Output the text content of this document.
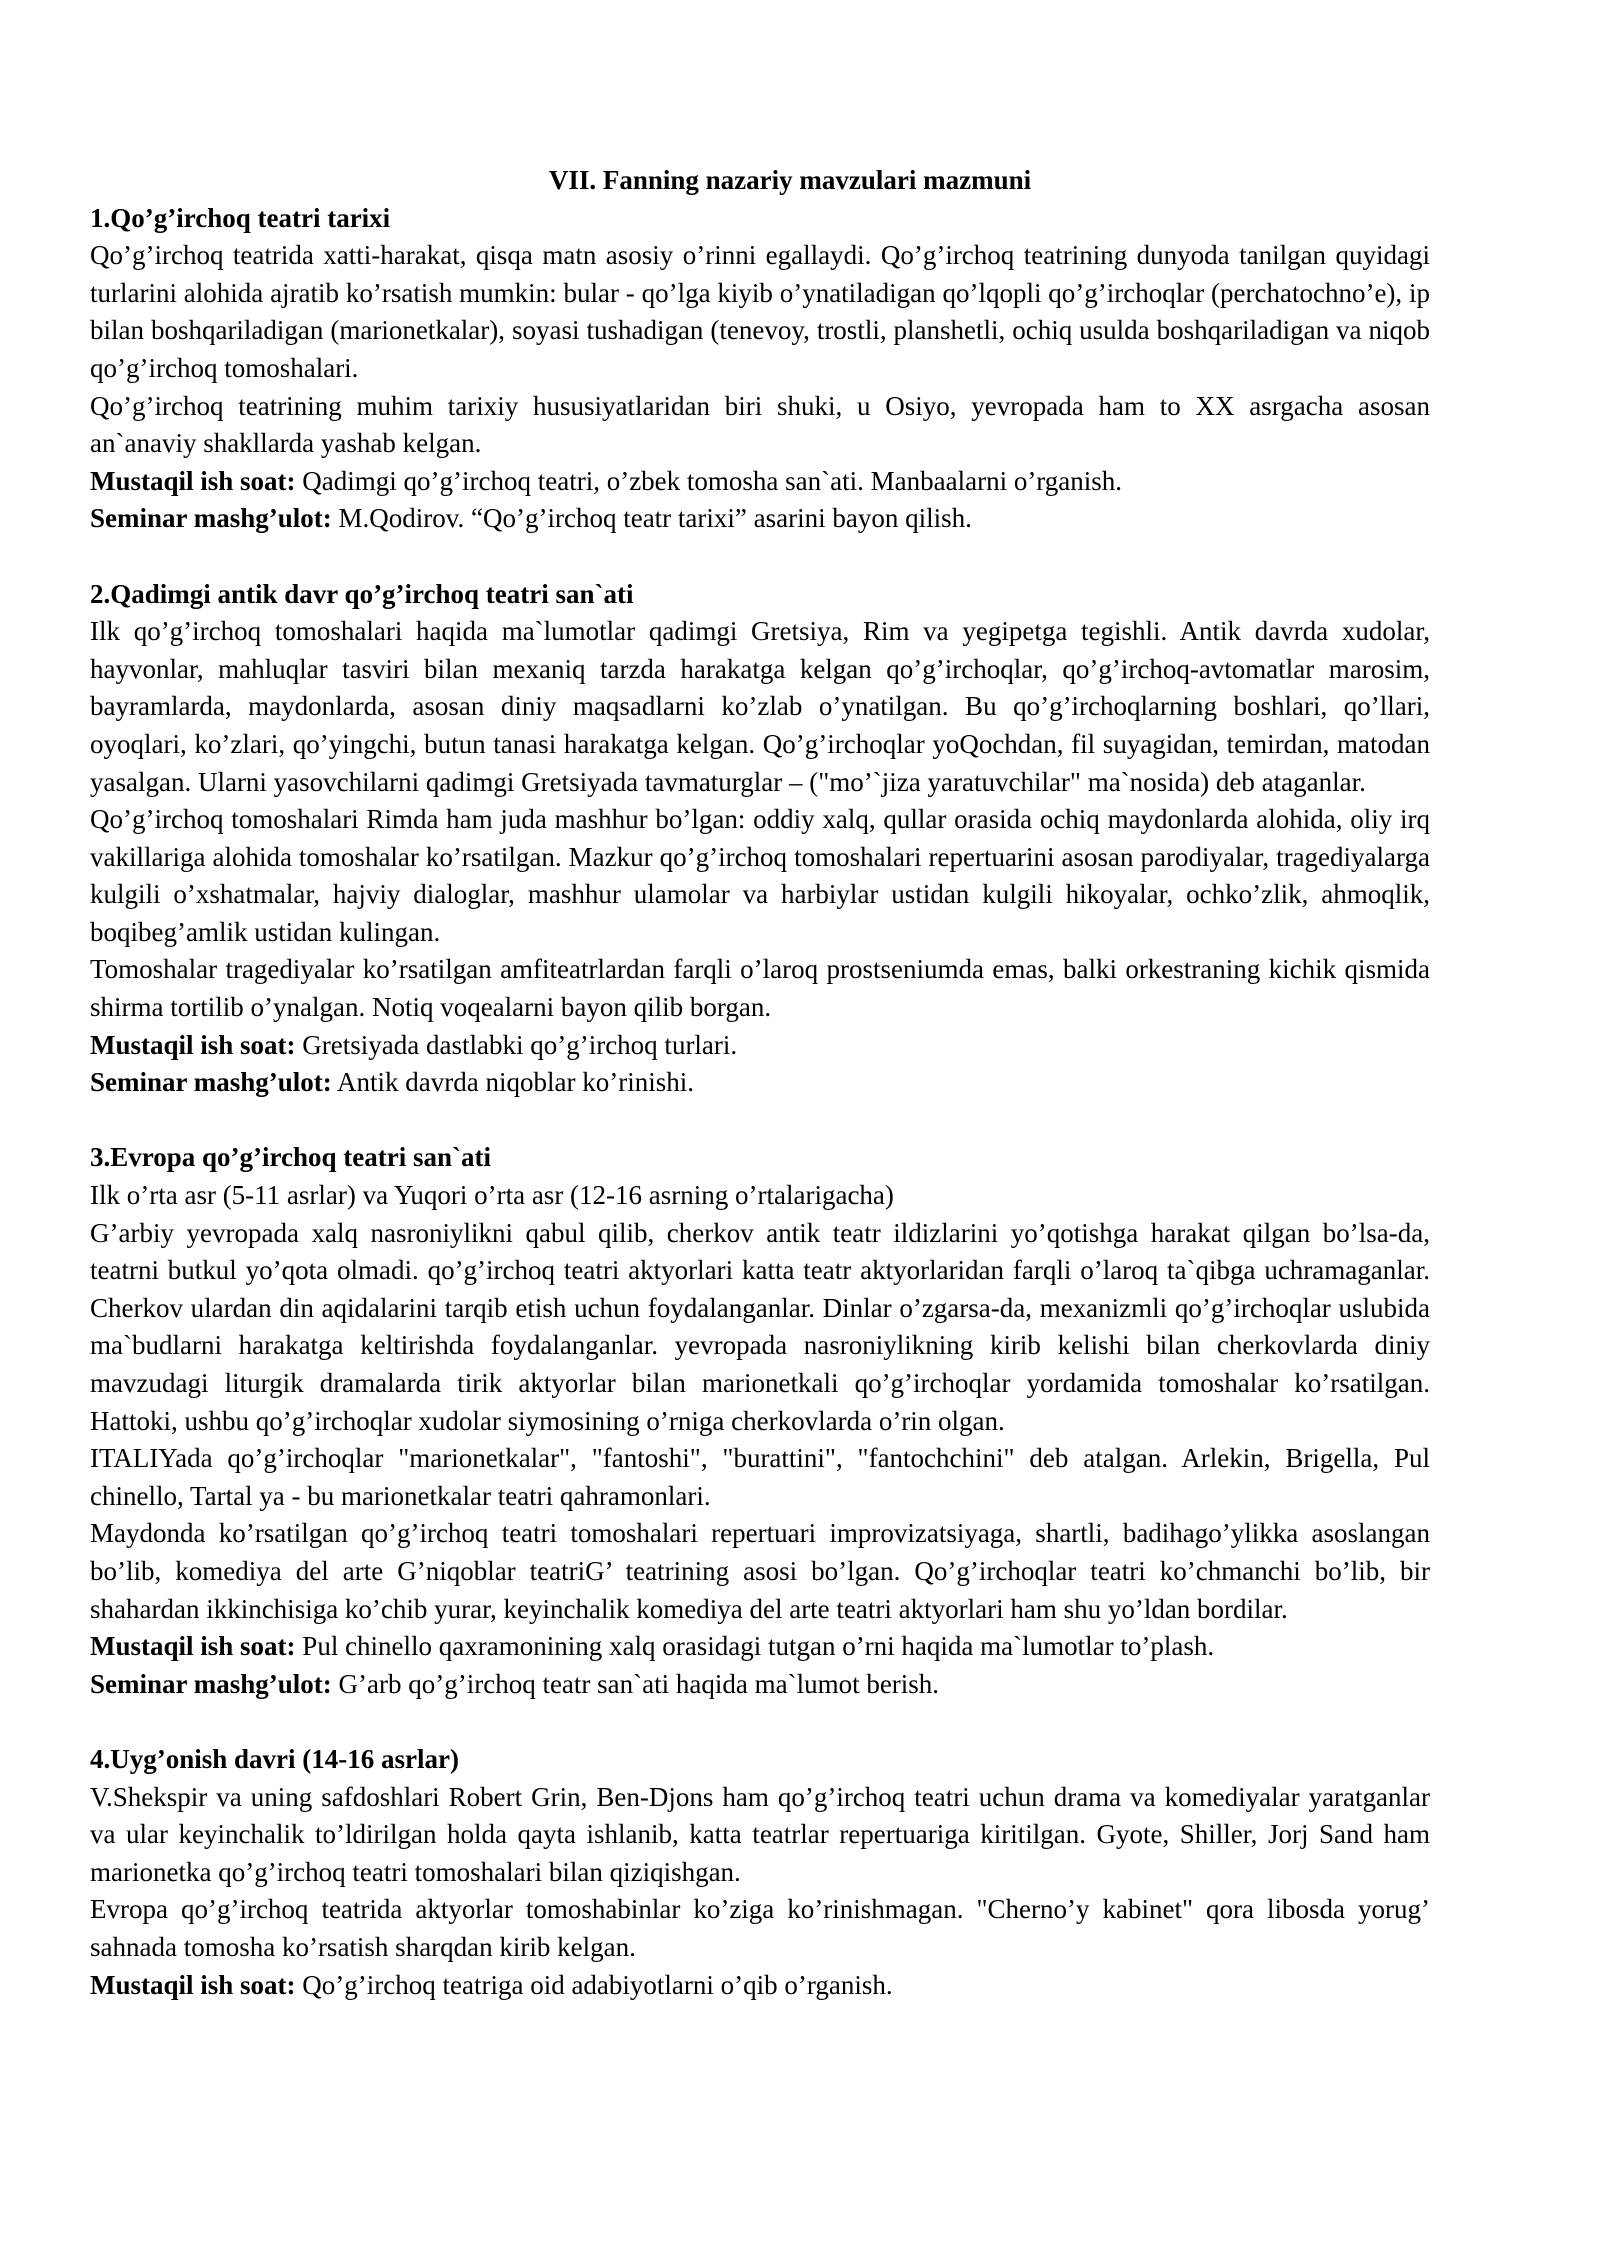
VII. Fanning nazariy mavzulari mazmuni
1.Qo’g’irchoq teatri tarixi

Qo’g’irchoq teatrida xatti-harakat, qisqa matn asosiy o’rinni egallaydi. Qo’g’irchoq teatrining dunyoda tanilgan quyidagi turlarini alohida ajratib ko’rsatish mumkin: bular - qo’lga kiyib o’ynatiladigan qo’lqopli qo’g’irchoqlar (perchatochno’e), ip bilan boshqariladigan (marionetkalar), soyasi tushadigan (tenevoy, trostli, planshetli, ochiq usulda boshqariladigan va niqob qo’g’irchoq tomoshalari.

Qo’g’irchoq teatrining muhim tarixiy hususiyatlaridan biri shuki, u Osiyo, yevropada ham to XX asrgacha asosan an`anaviy shakllarda yashab kelgan.

Mustaqil ish soat: Qadimgi qo’g’irchoq teatri, o’zbek tomosha san`ati. Manbaalarni o’rganish.

Seminar mashg’ulot: M.Qodirov. “Qo’g’irchoq teatr tarixi” asarini bayon qilish.

2.Qadimgi antik davr qo’g’irchoq teatri san`ati

Ilk qo’g’irchoq tomoshalari haqida ma`lumotlar qadimgi Gretsiya, Rim va yegipetga tegishli. Antik davrda xudolar, hayvonlar, mahluqlar tasviri bilan mexaniq tarzda harakatga kelgan qo’g’irchoqlar, qo’g’irchoq-avtomatlar marosim, bayramlarda, maydonlarda, asosan diniy maqsadlarni ko’zlab o’ynatilgan. Bu qo’g’irchoqlarning boshlari, qo’llari, oyoqlari, ko’zlari, qo’yingchi, butun tanasi harakatga kelgan. Qo’g’irchoqlar yoQochdan, fil suyagidan, temirdan, matodan yasalgan. Ularni yasovchilarni qadimgi Gretsiyada tavmaturglar – ("mo’`jiza yaratuvchilar" ma`nosida) deb ataganlar.

Qo’g’irchoq tomoshalari Rimda ham juda mashhur bo’lgan: oddiy xalq, qullar orasida ochiq maydonlarda alohida, oliy irq vakillariga alohida tomoshalar ko’rsatilgan. Mazkur qo’g’irchoq tomoshalari repertuarini asosan parodiyalar, tragediyalarga kulgili o’xshatmalar, hajviy dialoglar, mashhur ulamolar va harbiylar ustidan kulgili hikoyalar, ochko’zlik, ahmoqlik, boqibeg’amlik ustidan kulingan.

Tomoshalar tragediyalar ko’rsatilgan amfiteatrlardan farqli o’laroq prostseniumda emas, balki orkestraning kichik qismida shirma tortilib o’ynalgan. Notiq voqealarni bayon qilib borgan.

Mustaqil ish soat: Gretsiyada dastlabki qo’g’irchoq turlari.

Seminar mashg’ulot: Antik davrda niqoblar ko’rinishi.

3.Evropa qo’g’irchoq teatri san`ati

Ilk o’rta asr (5-11 asrlar) va Yuqori o’rta asr (12-16 asrning o’rtalarigacha)

G’arbiy yevropada xalq nasroniylikni qabul qilib, cherkov antik teatr ildizlarini yo’qotishga harakat qilgan bo’lsa-da, teatrni butkul yo’qota olmadi. qo’g’irchoq teatri aktyorlari katta teatr aktyorlaridan farqli o’laroq ta`qibga uchramaganlar. Cherkov ulardan din aqidalarini tarqib etish uchun foydalanganlar. Dinlar o’zgarsa-da, mexanizmli qo’g’irchoqlar uslubida ma`budlarni harakatga keltirishda foydalanganlar. yevropada nasroniylikning kirib kelishi bilan cherkovlarda diniy mavzudagi liturgik dramalarda tirik aktyorlar bilan marionetkali qo’g’irchoqlar yordamida tomoshalar ko’rsatilgan. Hattoki, ushbu qo’g’irchoqlar xudolar siymosining o’rniga cherkovlarda o’rin olgan.

ITALIYada qo’g’irchoqlar "marionetkalar", "fantoshi", "burattini", "fantochchini" deb atalgan. Arlekin, Brigella, Pul chinello, Tartal ya - bu marionetkalar teatri qahramonlari.

Maydonda ko’rsatilgan qo’g’irchoq teatri tomoshalari repertuari improvizatsiyaga, shartli, badihago’ylikka asoslangan bo’lib, komediya del arte G’niqoblar teatriG’ teatrining asosi bo’lgan. Qo’g’irchoqlar teatri ko’chmanchi bo’lib, bir shahardan ikkinchisiga ko’chib yurar, keyinchalik komediya del arte teatri aktyorlari ham shu yo’ldan bordilar.

Mustaqil ish soat: Pul chinello qaxramonining xalq orasidagi tutgan o’rni haqida ma`lumotlar to’plash.

Seminar mashg’ulot: G’arb qo’g’irchoq teatr san`ati haqida ma`lumot berish.

4.Uyg’onish davri (14-16 asrlar)

V.Shekspir va uning safdoshlari Robert Grin, Ben-Djons ham qo’g’irchoq teatri uchun drama va komediyalar yaratganlar va ular keyinchalik to’ldirilgan holda qayta ishlanib, katta teatrlar repertuariga kiritilgan. Gyote, Shiller, Jorj Sand ham marionetka qo’g’irchoq teatri tomoshalari bilan qiziqishgan.

Evropa qo’g’irchoq teatrida aktyorlar tomoshabinlar ko’ziga ko’rinishmagan. "Cherno’y kabinet" qora libosda yorug’ sahnada tomosha ko’rsatish sharqdan kirib kelgan.

Mustaqil ish soat: Qo’g’irchoq teatriga oid adabiyotlarni o’qib o’rganish.
